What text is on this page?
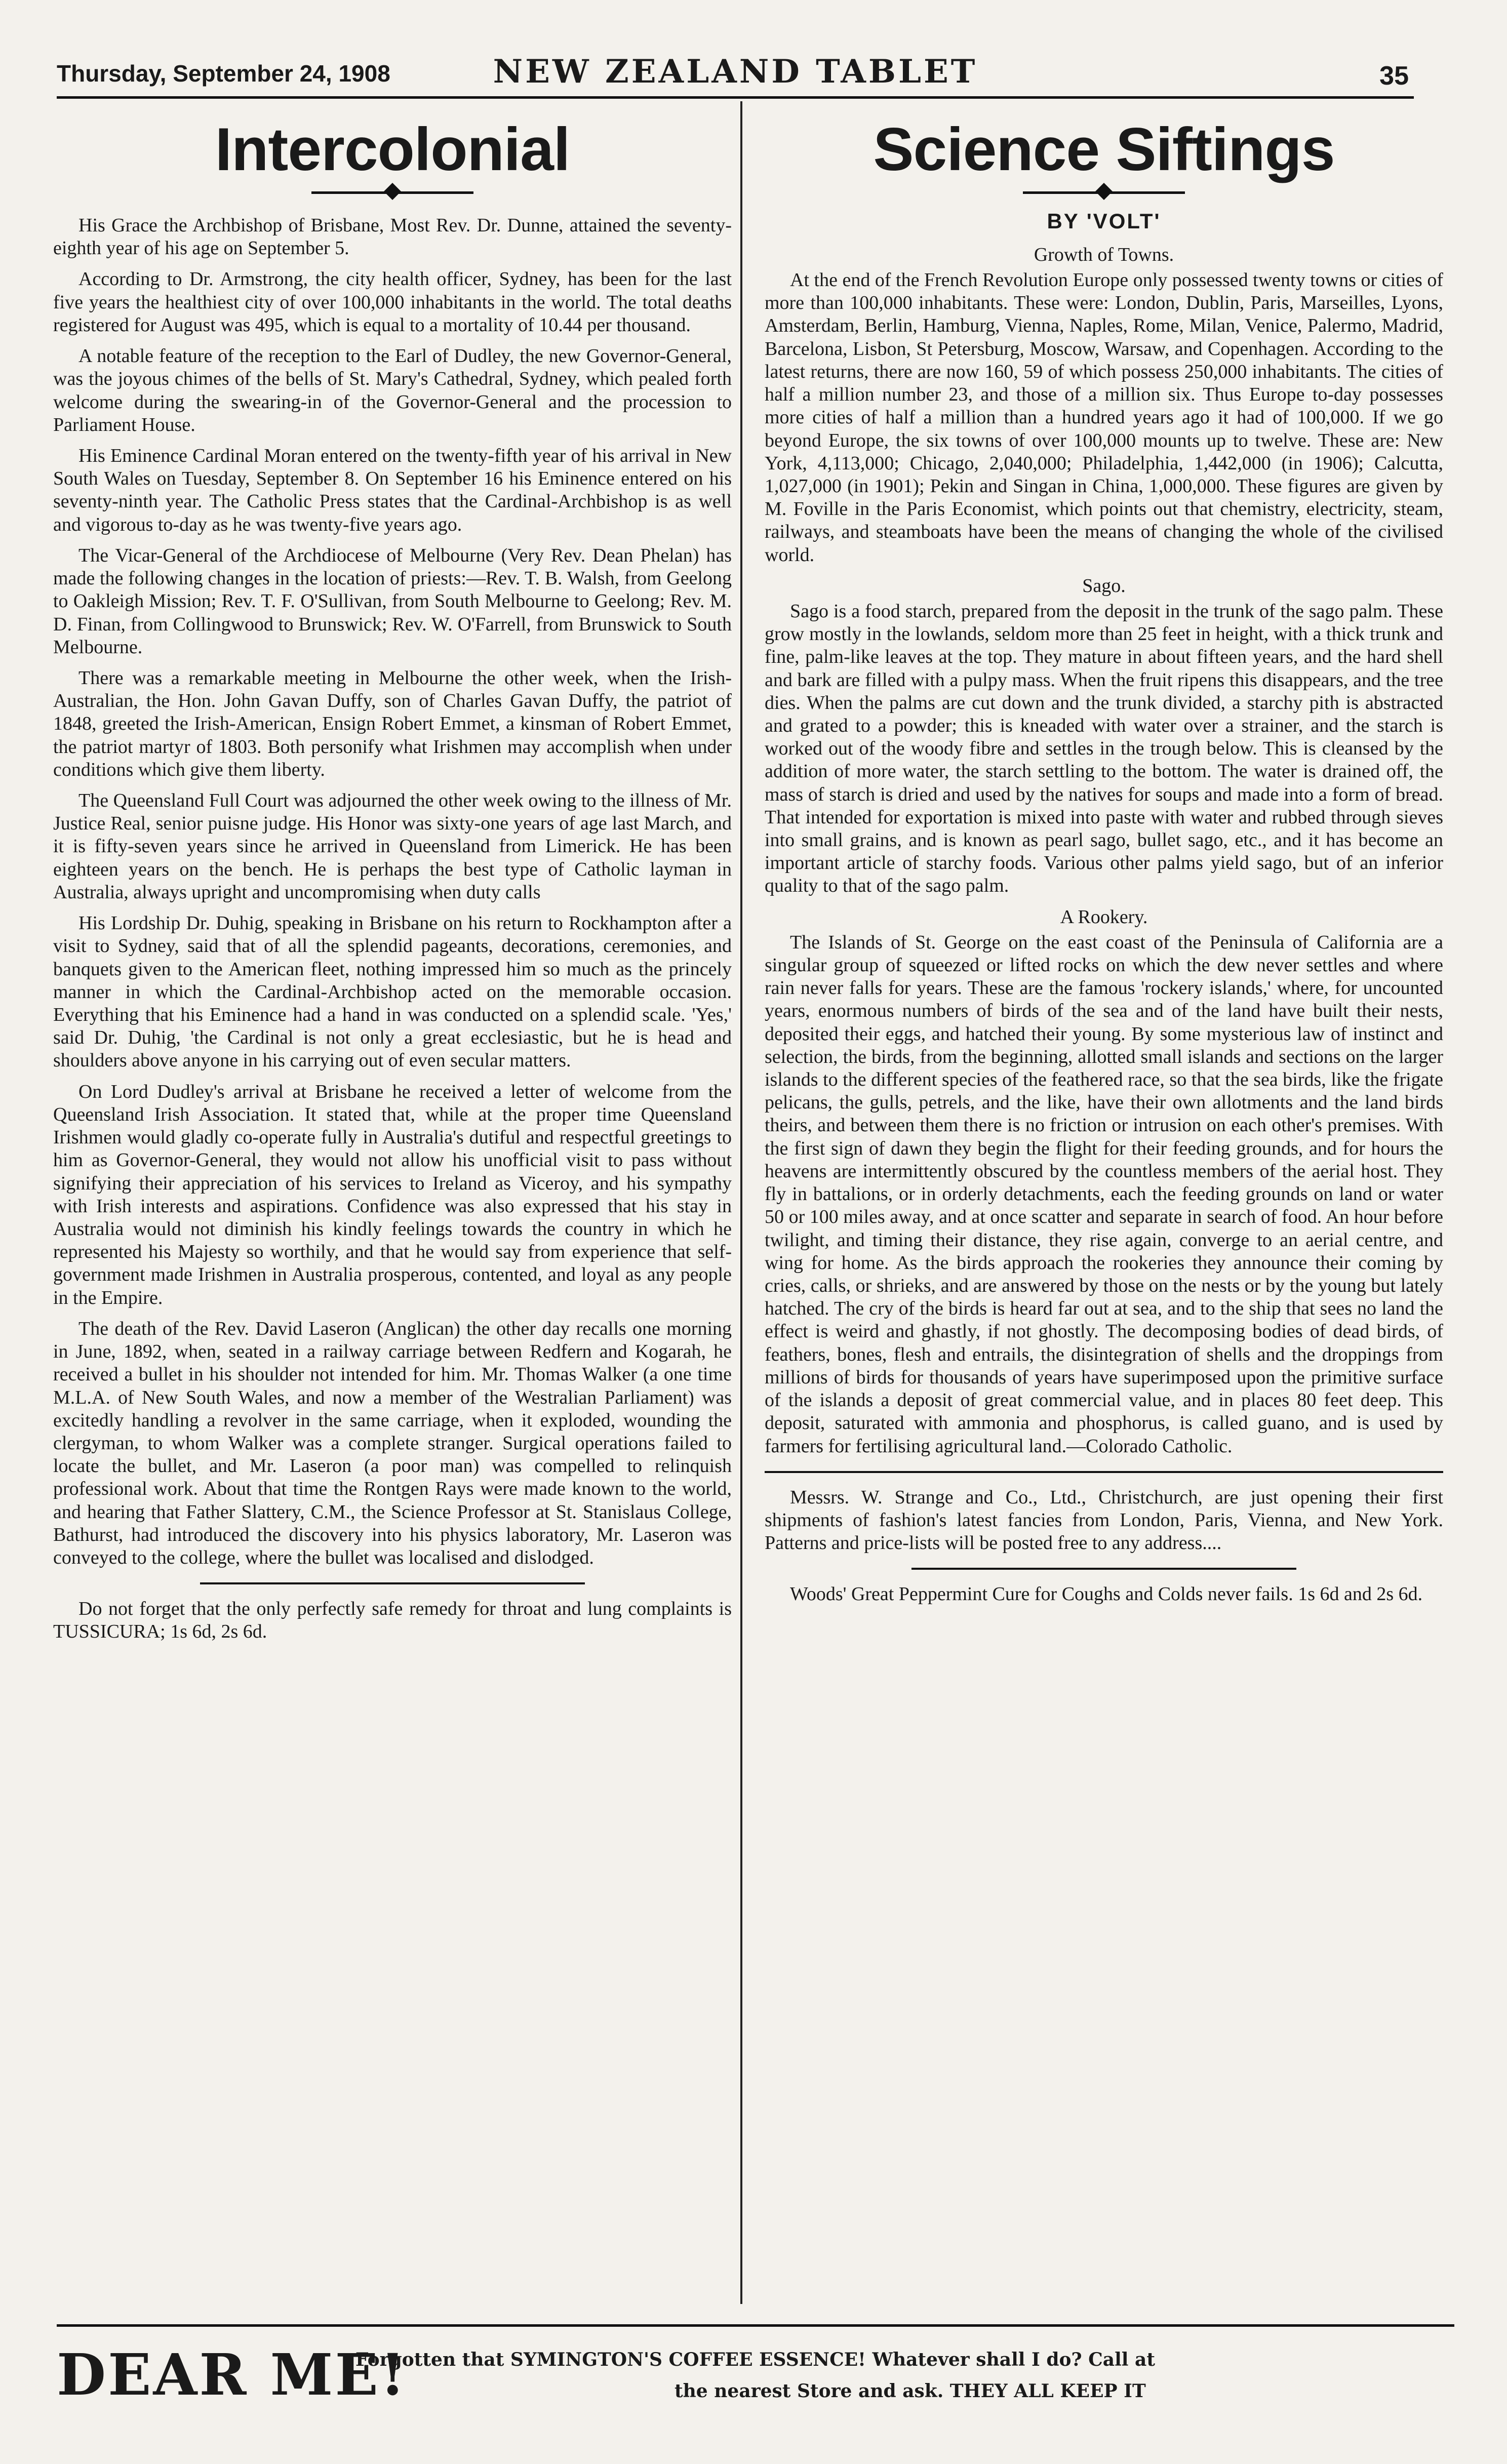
Thursday, September 24, 1908	NEW ZEALAND TABLET	35
Intercolonial

His Grace the Archbishop of Brisbane, Most Rev. Dr. Dunne, attained the seventy-eighth year of his age on September 5.

According to Dr. Armstrong, the city health officer, Sydney, has been for the last five years the healthiest city of over 100,000 inhabitants in the world. The total deaths registered for August was 495, which is equal to a mortality of 10.44 per thousand.

A notable feature of the reception to the Earl of Dudley, the new Governor-General, was the joyous chimes of the bells of St. Mary's Cathedral, Sydney, which pealed forth welcome during the swearing-in of the Governor-General and the procession to Parliament House.

His Eminence Cardinal Moran entered on the twenty-fifth year of his arrival in New South Wales on Tuesday, September 8. On September 16 his Eminence entered on his seventy-ninth year. The Catholic Press states that the Cardinal-Archbishop is as well and vigorous to-day as he was twenty-five years ago.

The Vicar-General of the Archdiocese of Melbourne (Very Rev. Dean Phelan) has made the following changes in the location of priests:—Rev. T. B. Walsh, from Geelong to Oakleigh Mission; Rev. T. F. O'Sullivan, from South Melbourne to Geelong; Rev. M. D. Finan, from Collingwood to Brunswick; Rev. W. O'Farrell, from Brunswick to South Melbourne.

There was a remarkable meeting in Melbourne the other week, when the Irish-Australian, the Hon. John Gavan Duffy, son of Charles Gavan Duffy, the patriot of 1848, greeted the Irish-American, Ensign Robert Emmet, a kinsman of Robert Emmet, the patriot martyr of 1803. Both personify what Irishmen may accomplish when under conditions which give them liberty.

The Queensland Full Court was adjourned the other week owing to the illness of Mr. Justice Real, senior puisne judge. His Honor was sixty-one years of age last March, and it is fifty-seven years since he arrived in Queensland from Limerick. He has been eighteen years on the bench. He is perhaps the best type of Catholic layman in Australia, always upright and uncompromising when duty calls

His Lordship Dr. Duhig, speaking in Brisbane on his return to Rockhampton after a visit to Sydney, said that of all the splendid pageants, decorations, ceremonies, and banquets given to the American fleet, nothing impressed him so much as the princely manner in which the Cardinal-Archbishop acted on the memorable occasion. Everything that his Eminence had a hand in was conducted on a splendid scale. 'Yes,' said Dr. Duhig, 'the Cardinal is not only a great ecclesiastic, but he is head and shoulders above anyone in his carrying out of even secular matters.

On Lord Dudley's arrival at Brisbane he received a letter of welcome from the Queensland Irish Association. It stated that, while at the proper time Queensland Irishmen would gladly co-operate fully in Australia's dutiful and respectful greetings to him as Governor-General, they would not allow his unofficial visit to pass without signifying their appreciation of his services to Ireland as Viceroy, and his sympathy with Irish interests and aspirations. Confidence was also expressed that his stay in Australia would not diminish his kindly feelings towards the country in which he represented his Majesty so worthily, and that he would say from experience that self-government made Irishmen in Australia prosperous, contented, and loyal as any people in the Empire.

The death of the Rev. David Laseron (Anglican) the other day recalls one morning in June, 1892, when, seated in a railway carriage between Redfern and Kogarah, he received a bullet in his shoulder not intended for him. Mr. Thomas Walker (a one time M.L.A. of New South Wales, and now a member of the Westralian Parliament) was excitedly handling a revolver in the same carriage, when it exploded, wounding the clergyman, to whom Walker was a complete stranger. Surgical operations failed to locate the bullet, and Mr. Laseron (a poor man) was compelled to relinquish professional work. About that time the Rontgen Rays were made known to the world, and hearing that Father Slattery, C.M., the Science Professor at St. Stanislaus College, Bathurst, had introduced the discovery into his physics laboratory, Mr. Laseron was conveyed to the college, where the bullet was localised and dislodged.

Do not forget that the only perfectly safe remedy for throat and lung complaints is TUSSICURA; 1s 6d, 2s 6d.

Science Siftings
BY 'VOLT'
Growth of Towns.

At the end of the French Revolution Europe only possessed twenty towns or cities of more than 100,000 inhabitants. These were: London, Dublin, Paris, Marseilles, Lyons, Amsterdam, Berlin, Hamburg, Vienna, Naples, Rome, Milan, Venice, Palermo, Madrid, Barcelona, Lisbon, St Petersburg, Moscow, Warsaw, and Copenhagen. According to the latest returns, there are now 160, 59 of which possess 250,000 inhabitants. The cities of half a million number 23, and those of a million six. Thus Europe to-day possesses more cities of half a million than a hundred years ago it had of 100,000. If we go beyond Europe, the six towns of over 100,000 mounts up to twelve. These are: New York, 4,113,000; Chicago, 2,040,000; Philadelphia, 1,442,000 (in 1906); Calcutta, 1,027,000 (in 1901); Pekin and Singan in China, 1,000,000. These figures are given by M. Foville in the Paris Economist, which points out that chemistry, electricity, steam, railways, and steamboats have been the means of changing the whole of the civilised world.

Sago.

Sago is a food starch, prepared from the deposit in the trunk of the sago palm. These grow mostly in the lowlands, seldom more than 25 feet in height, with a thick trunk and fine, palm-like leaves at the top. They mature in about fifteen years, and the hard shell and bark are filled with a pulpy mass. When the fruit ripens this disappears, and the tree dies. When the palms are cut down and the trunk divided, a starchy pith is abstracted and grated to a powder; this is kneaded with water over a strainer, and the starch is worked out of the woody fibre and settles in the trough below. This is cleansed by the addition of more water, the starch settling to the bottom. The water is drained off, the mass of starch is dried and used by the natives for soups and made into a form of bread. That intended for exportation is mixed into paste with water and rubbed through sieves into small grains, and is known as pearl sago, bullet sago, etc., and it has become an important article of starchy foods. Various other palms yield sago, but of an inferior quality to that of the sago palm.

A Rookery.

The Islands of St. George on the east coast of the Peninsula of California are a singular group of squeezed or lifted rocks on which the dew never settles and where rain never falls for years. These are the famous 'rockery islands,' where, for uncounted years, enormous numbers of birds of the sea and of the land have built their nests, deposited their eggs, and hatched their young. By some mysterious law of instinct and selection, the birds, from the beginning, allotted small islands and sections on the larger islands to the different species of the feathered race, so that the sea birds, like the frigate pelicans, the gulls, petrels, and the like, have their own allotments and the land birds theirs, and between them there is no friction or intrusion on each other's premises. With the first sign of dawn they begin the flight for their feeding grounds, and for hours the heavens are intermittently obscured by the countless members of the aerial host. They fly in battalions, or in orderly detachments, each the feeding grounds on land or water 50 or 100 miles away, and at once scatter and separate in search of food. An hour before twilight, and timing their distance, they rise again, converge to an aerial centre, and wing for home. As the birds approach the rookeries they announce their coming by cries, calls, or shrieks, and are answered by those on the nests or by the young but lately hatched. The cry of the birds is heard far out at sea, and to the ship that sees no land the effect is weird and ghastly, if not ghostly. The decomposing bodies of dead birds, of feathers, bones, flesh and entrails, the disintegration of shells and the droppings from millions of birds for thousands of years have superimposed upon the primitive surface of the islands a deposit of great commercial value, and in places 80 feet deep. This deposit, saturated with ammonia and phosphorus, is called guano, and is used by farmers for fertilising agricultural land.—Colorado Catholic.

Messrs. W. Strange and Co., Ltd., Christchurch, are just opening their first shipments of fashion's latest fancies from London, Paris, Vienna, and New York. Patterns and price-lists will be posted free to any address....

Woods' Great Peppermint Cure for Coughs and Colds never fails. 1s 6d and 2s 6d.

DEAR ME!
Forgotten that SYMINGTON'S COFFEE ESSENCE! Whatever shall I do? Call at
the nearest Store and ask. THEY ALL KEEP IT
